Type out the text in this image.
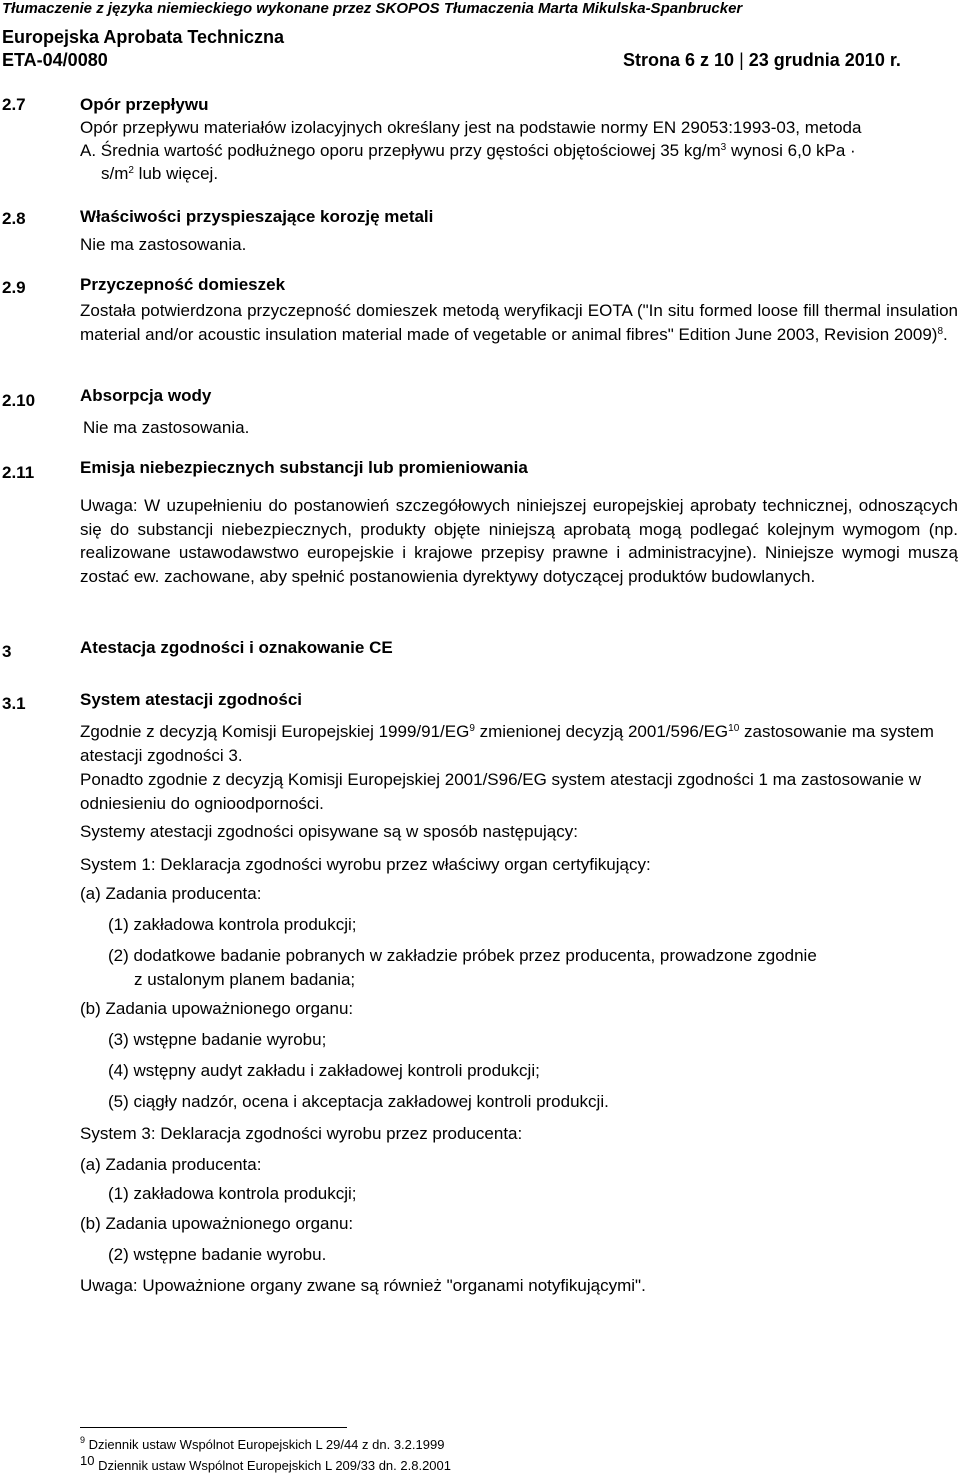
Tłumaczenie z języka niemieckiego wykonane przez SKOPOS Tłumaczenia Marta Mikulska-Spanbrucker
Europejska Aprobata Techniczna
ETA-04/0080	Strona 6 z 10 | 23 grudnia 2010 r.
2.7	Opór przepływu
Opór przepływu materiałów izolacyjnych określany jest na podstawie normy EN 29053:1993-03, metoda
A. Średnia wartość podłużnego oporu przepływu przy gęstości objętościowej 35 $kg/m^3$ wynosi 6,0 kPa ·
$s/m^2$ lub więcej.
2.8	Właściwości przyspieszające korozję metali
Nie ma zastosowania.
2.9	Przyczepność domieszek
Została potwierdzona przyczepność domieszek metodą weryfikacji EOTA ("In situ formed loose fill thermal insulation material and/or acoustic insulation material made of vegetable or animal fibres" Edition June 2003, Revision 2009)$^8$.
2.10	Absorpcja wody
Nie ma zastosowania.
2.11	Emisja niebezpiecznych substancji lub promieniowania
Uwaga: W uzupełnieniu do postanowień szczegółowych niniejszej europejskiej aprobaty technicznej, odnoszących się do substancji niebezpiecznych, produkty objęte niniejszą aprobatą mogą podlegać kolejnym wymogom (np. realizowane ustawodawstwo europejskie i krajowe przepisy prawne i administracyjne). Niniejsze wymogi muszą zostać ew. zachowane, aby spełnić postanowienia dyrektywy dotyczącej produktów budowlanych.
3	Atestacja zgodności i oznakowanie CE
3.1	System atestacji zgodności
Zgodnie z decyzją Komisji Europejskiej $1999/91/EG^9$ zmienionej decyzją 2001/596/EG$^{10}$ zastosowanie ma system atestacji zgodności 3.
Ponadto zgodnie z decyzją Komisji Europejskiej 2001/S96/EG system atestacji zgodności 1 ma zastosowanie w odniesieniu do ognioodporności.
Systemy atestacji zgodności opisywane są w sposób następujący:
System 1: Deklaracja zgodności wyrobu przez właściwy organ certyfikujący:
(a) Zadania producenta:
(1) zakładowa kontrola produkcji;
(2) dodatkowe badanie pobranych w zakładzie próbek przez producenta, prowadzone zgodnie
z ustalonym planem badania;
(b) Zadania upoważnionego organu:
(3) wstępne badanie wyrobu;
(4) wstępny audyt zakładu i zakładowej kontroli produkcji;
(5) ciągły nadzór, ocena i akceptacja zakładowej kontroli produkcji.
System 3: Deklaracja zgodności wyrobu przez producenta:
(a) Zadania producenta:
(1) zakładowa kontrola produkcji;
(b) Zadania upoważnionego organu:
(2) wstępne badanie wyrobu.
Uwaga: Upoważnione organy zwane są również "organami notyfikującymi".
$^9$ Dziennik ustaw Wspólnot Europejskich L 29/44 z dn. 3.2.1999
$^{10}$ Dziennik ustaw Wspólnot Europejskich L 209/33 dn. 2.8.2001
